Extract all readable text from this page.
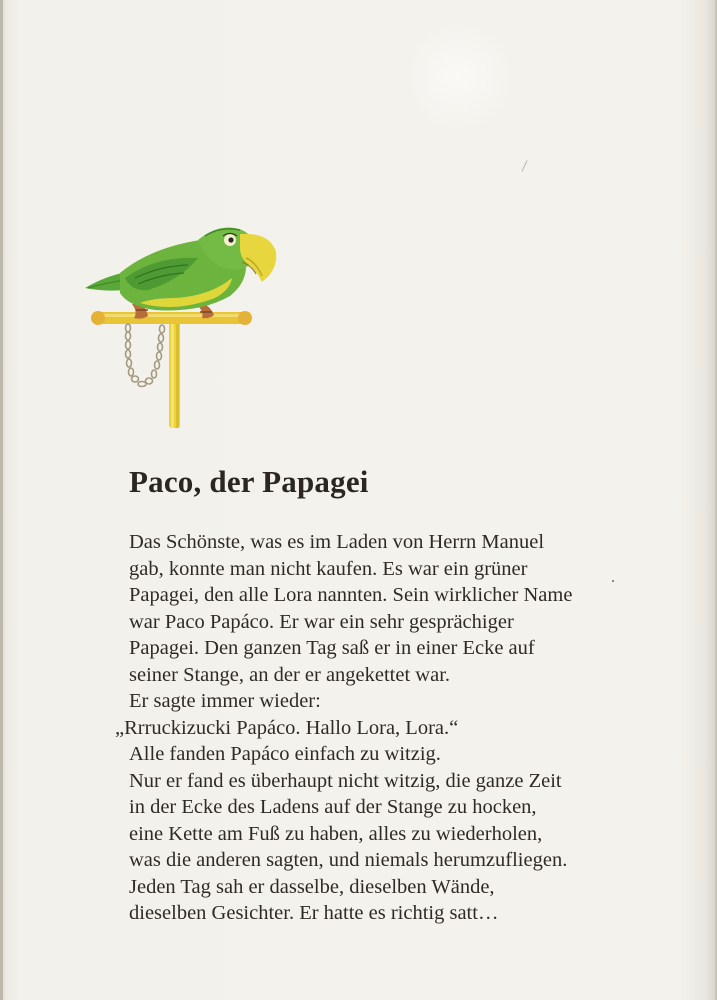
Paco, der Papagei
Das Schönste, was es im Laden von Herrn Manuel
gab, konnte man nicht kaufen. Es war ein grüner
Papagei, den alle Lora nannten. Sein wirklicher Name
war Paco Papáco. Er war ein sehr gesprächiger
Papagei. Den ganzen Tag saß er in einer Ecke auf
seiner Stange, an der er angekettet war.
Er sagte immer wieder:
„Rrruckizucki Papáco. Hallo Lora, Lora.“
Alle fanden Papáco einfach zu witzig.
Nur er fand es überhaupt nicht witzig, die ganze Zeit
in der Ecke des Ladens auf der Stange zu hocken,
eine Kette am Fuß zu haben, alles zu wiederholen,
was die anderen sagten, und niemals herumzufliegen.
Jeden Tag sah er dasselbe, dieselben Wände,
dieselben Gesichter. Er hatte es richtig satt…
